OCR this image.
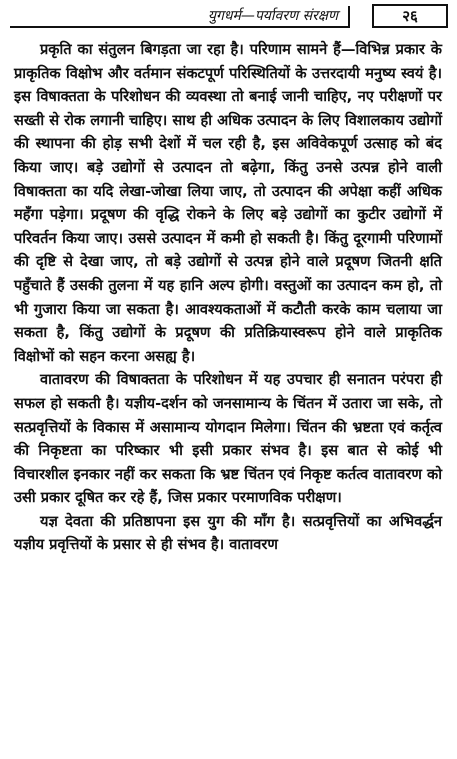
युगधर्म—पर्यावरण संरक्षण	२६

प्रकृति का संतुलन बिगड़ता जा रहा है। परिणाम सामने हैं—विभिन्न प्रकार के प्राकृतिक विक्षोभ और वर्तमान संकटपूर्ण परिस्थितियों के उत्तरदायी मनुष्य स्वयं है। इस विषाक्तता के परिशोधन की व्यवस्था तो बनाई जानी चाहिए, नए परीक्षणों पर सख्ती से रोक लगानी चाहिए। साथ ही अधिक उत्पादन के लिए विशालकाय उद्योगों की स्थापना की होड़ सभी देशों में चल रही है, इस अविवेकपूर्ण उत्साह को बंद किया जाए। बड़े उद्योगों से उत्पादन तो बढ़ेगा, किंतु उनसे उत्पन्न होने वाली विषाक्तता का यदि लेखा-जोखा लिया जाए, तो उत्पादन की अपेक्षा कहीं अधिक महँगा पड़ेगा। प्रदूषण की वृद्धि रोकने के लिए बड़े उद्योगों का कुटीर उद्योगों में परिवर्तन किया जाए। उससे उत्पादन में कमी हो सकती है। किंतु दूरगामी परिणामों की दृष्टि से देखा जाए, तो बड़े उद्योगों से उत्पन्न होने वाले प्रदूषण जितनी क्षति पहुँचाते हैं उसकी तुलना में यह हानि अल्प होगी। वस्तुओं का उत्पादन कम हो, तो भी गुजारा किया जा सकता है। आवश्यकताओं में कटौती करके काम चलाया जा सकता है, किंतु उद्योगों के प्रदूषण की प्रतिक्रियास्वरूप होने वाले प्राकृतिक विक्षोभों को सहन करना असह्य है।

वातावरण की विषाक्तता के परिशोधन में यह उपचार ही सनातन परंपरा ही सफल हो सकती है। यज्ञीय-दर्शन को जनसामान्य के चिंतन में उतारा जा सके, तो सत्प्रवृत्तियों के विकास में असामान्य योगदान मिलेगा। चिंतन की भ्रष्टता एवं कर्तृत्व की निकृष्टता का परिष्कार भी इसी प्रकार संभव है। इस बात से कोई भी विचारशील इनकार नहीं कर सकता कि भ्रष्ट चिंतन एवं निकृष्ट कर्तत्व वातावरण को उसी प्रकार दूषित कर रहे हैं, जिस प्रकार परमाणविक परीक्षण।

यज्ञ देवता की प्रतिष्ठापना इस युग की माँग है। सत्प्रवृत्तियों का अभिवर्द्धन यज्ञीय प्रवृत्तियों के प्रसार से ही संभव है। वातावरण
